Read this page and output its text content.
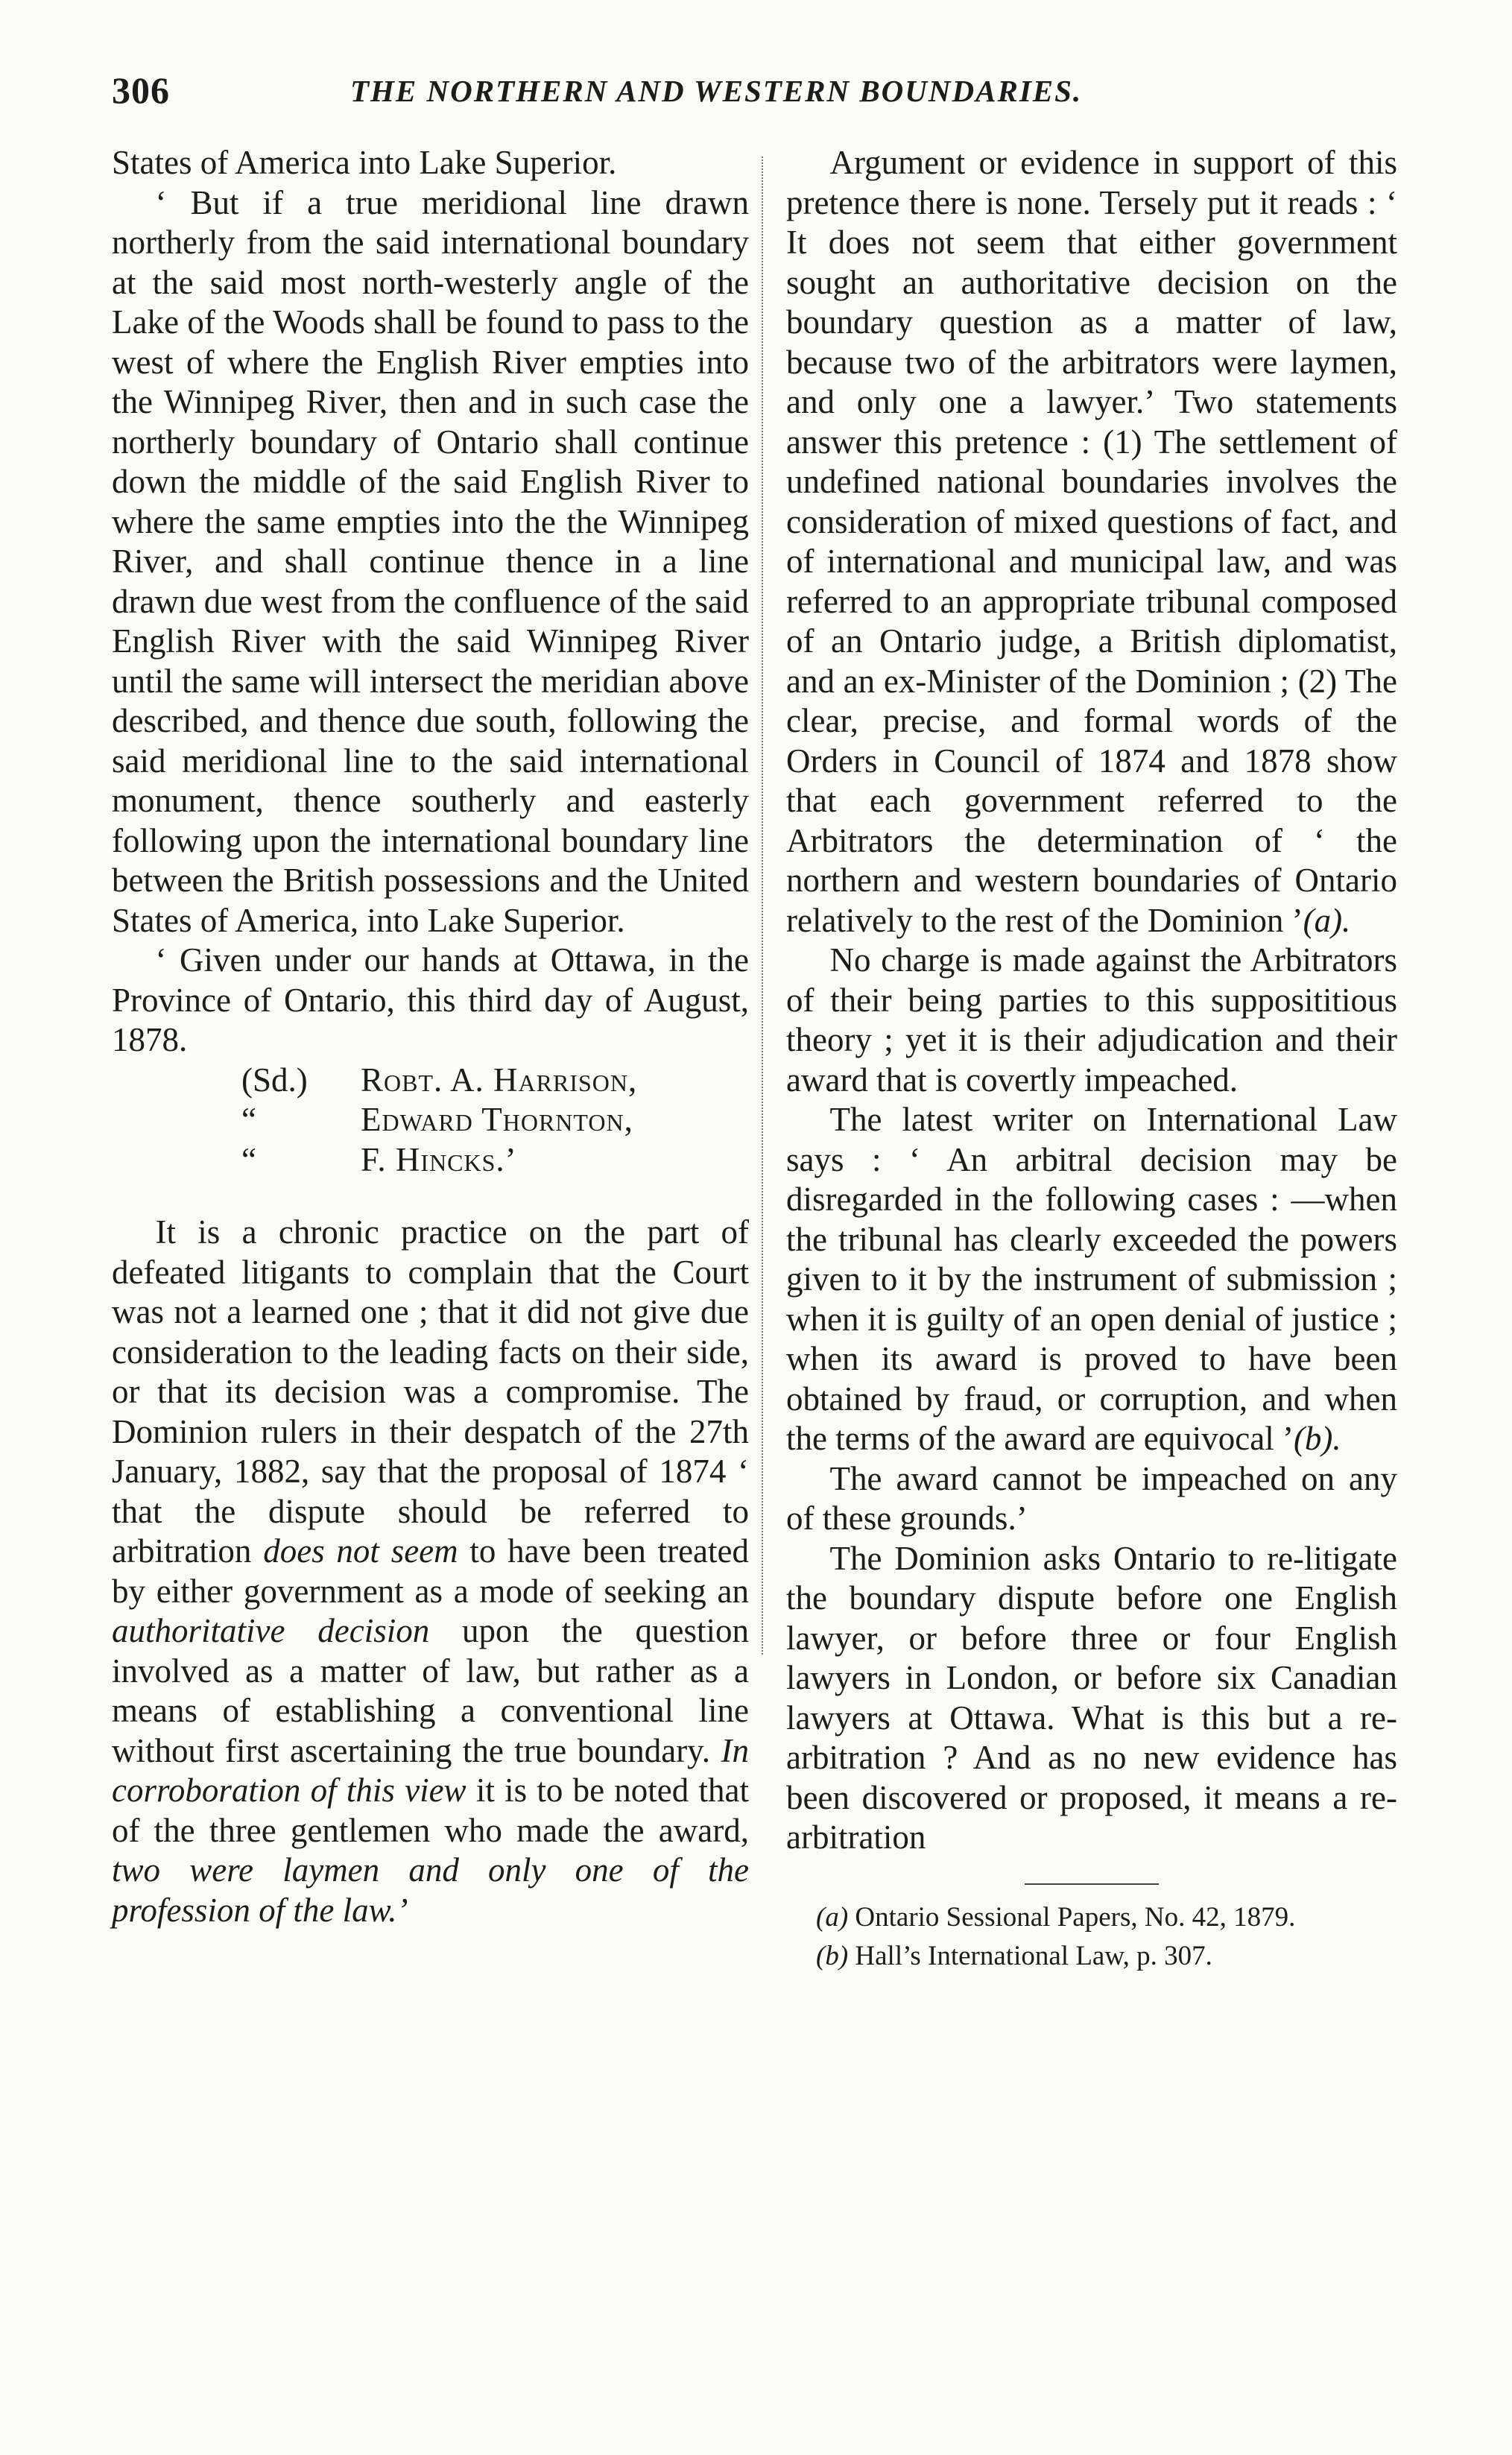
306	THE NORTHERN AND WESTERN BOUNDARIES.

States of America into Lake Superior.

‘ But if a true meridional line drawn northerly from the said international boundary at the said most north-westerly angle of the Lake of the Woods shall be found to pass to the west of where the English River empties into the Winnipeg River, then and in such case the northerly boundary of Ontario shall continue down the middle of the said English River to where the same empties into the the Winnipeg River, and shall continue thence in a line drawn due west from the confluence of the said English River with the said Winnipeg River until the same will intersect the meridian above described, and thence due south, following the said meridional line to the said international monument, thence southerly and easterly following upon the international boundary line between the British possessions and the United States of America, into Lake Superior.

‘ Given under our hands at Ottawa, in the Province of Ontario, this third day of August, 1878.

(Sd.)	Robt. A. Harrison,
“	Edward Thornton,
“	F. Hincks.’

It is a chronic practice on the part of defeated litigants to complain that the Court was not a learned one ; that it did not give due consideration to the leading facts on their side, or that its decision was a compromise. The Dominion rulers in their despatch of the 27th January, 1882, say that the proposal of 1874 ‘ that the dispute should be referred to arbitration does not seem to have been treated by either government as a mode of seeking an authoritative decision upon the question involved as a matter of law, but rather as a means of establishing a conventional line without first ascertaining the true boundary. In corroboration of this view it is to be noted that of the three gentlemen who made the award, two were laymen and only one of the profession of the law.’

Argument or evidence in support of this pretence there is none. Tersely put it reads : ‘ It does not seem that either government sought an authoritative decision on the boundary question as a matter of law, because two of the arbitrators were laymen, and only one a lawyer.’ Two statements answer this pretence : (1) The settlement of undefined national boundaries involves the consideration of mixed questions of fact, and of international and municipal law, and was referred to an appropriate tribunal composed of an Ontario judge, a British diplomatist, and an ex-Minister of the Dominion ; (2) The clear, precise, and formal words of the Orders in Council of 1874 and 1878 show that each government referred to the Arbitrators the determination of ‘ the northern and western boundaries of Ontario relatively to the rest of the Dominion ’(a).

No charge is made against the Arbitrators of their being parties to this supposititious theory ; yet it is their adjudication and their award that is covertly impeached.

The latest writer on International Law says : ‘ An arbitral decision may be disregarded in the following cases : —when the tribunal has clearly exceeded the powers given to it by the instrument of submission ; when it is guilty of an open denial of justice ; when its award is proved to have been obtained by fraud, or corruption, and when the terms of the award are equivocal ’(b).

The award cannot be impeached on any of these grounds.’

The Dominion asks Ontario to re-litigate the boundary dispute before one English lawyer, or before three or four English lawyers in London, or before six Canadian lawyers at Ottawa. What is this but a re-arbitration ? And as no new evidence has been discovered or proposed, it means a re-arbitration

(a) Ontario Sessional Papers, No. 42, 1879.

(b) Hall’s International Law, p. 307.
